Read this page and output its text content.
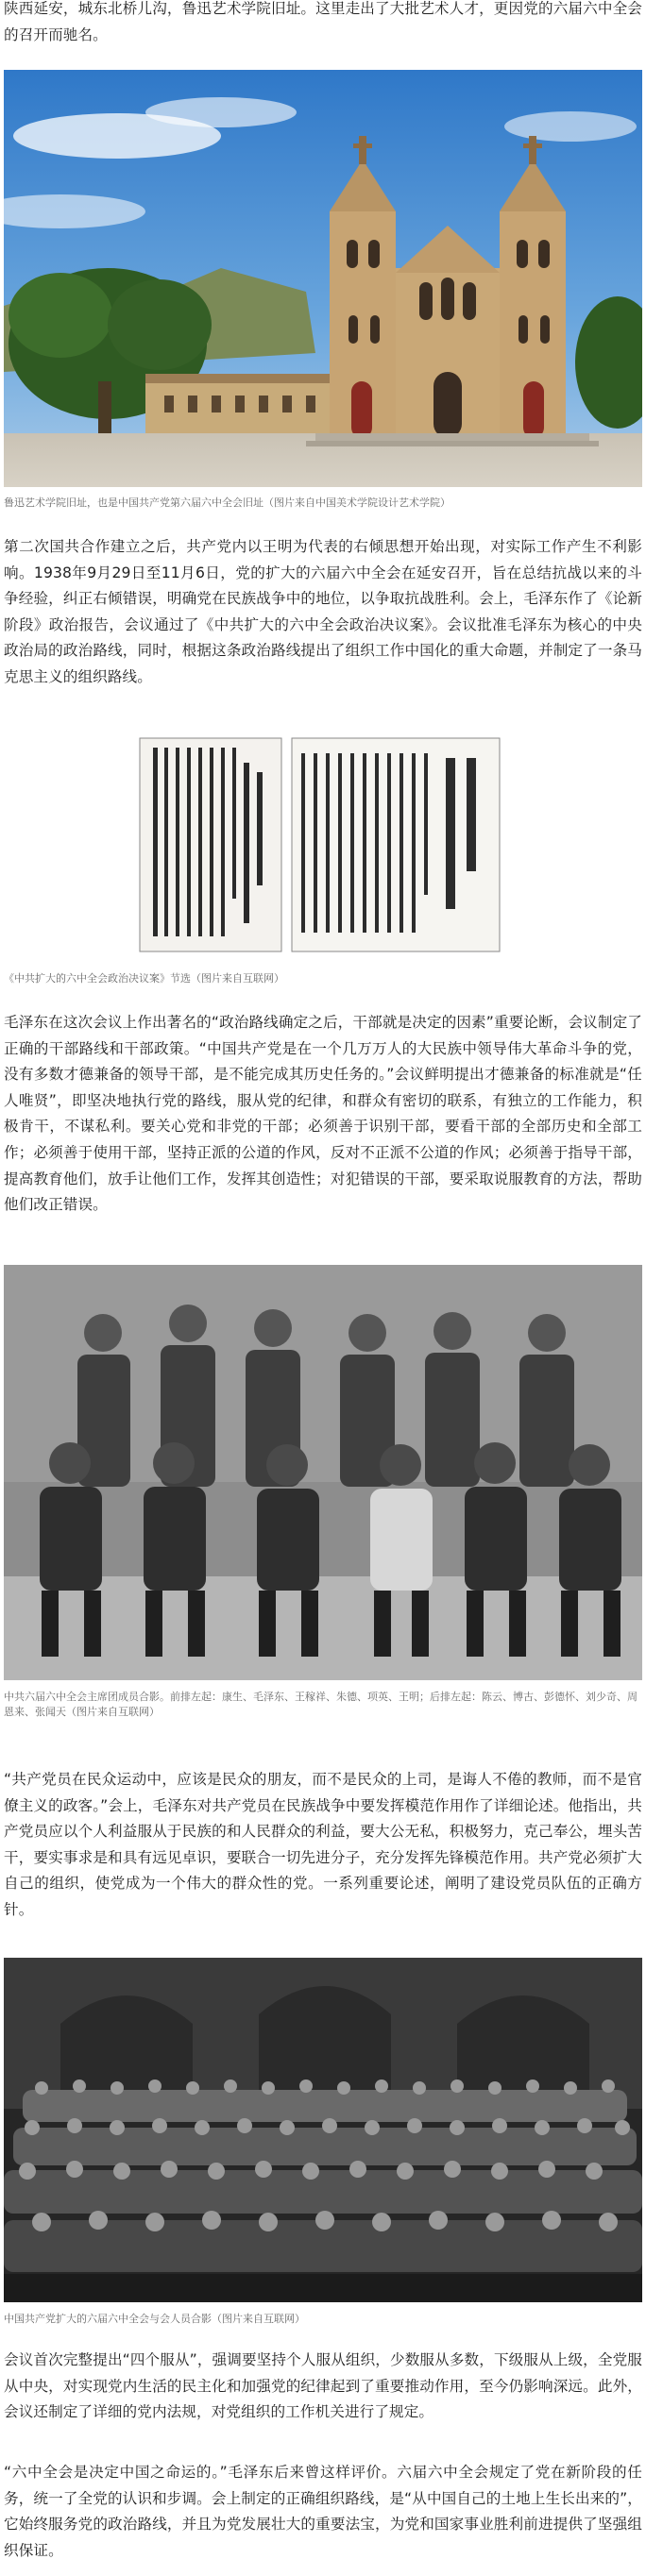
陕西延安，城东北桥儿沟，鲁迅艺术学院旧址。这里走出了大批艺术人才，更因党的六届六中全会的召开而驰名。

鲁迅艺术学院旧址，也是中国共产党第六届六中全会旧址（图片来自中国美术学院设计艺术学院）

第二次国共合作建立之后，共产党内以王明为代表的右倾思想开始出现，对实际工作产生不利影响。1938年9月29日至11月6日，党的扩大的六届六中全会在延安召开，旨在总结抗战以来的斗争经验，纠正右倾错误，明确党在民族战争中的地位，以争取抗战胜利。会上，毛泽东作了《论新阶段》政治报告，会议通过了《中共扩大的六中全会政治决议案》。会议批准毛泽东为核心的中央政治局的政治路线，同时，根据这条政治路线提出了组织工作中国化的重大命题，并制定了一条马克思主义的组织路线。

《中共扩大的六中全会政治决议案》节选（图片来自互联网）

毛泽东在这次会议上作出著名的“政治路线确定之后，干部就是决定的因素”重要论断，会议制定了正确的干部路线和干部政策。“中国共产党是在一个几万万人的大民族中领导伟大革命斗争的党，没有多数才德兼备的领导干部，是不能完成其历史任务的。”会议鲜明提出才德兼备的标准就是“任人唯贤”，即坚决地执行党的路线，服从党的纪律，和群众有密切的联系，有独立的工作能力，积极肯干，不谋私利。要关心党和非党的干部；必须善于识别干部，要看干部的全部历史和全部工作；必须善于使用干部，坚持正派的公道的作风，反对不正派不公道的作风；必须善于指导干部，提高教育他们，放手让他们工作，发挥其创造性；对犯错误的干部，要采取说服教育的方法，帮助他们改正错误。

中共六届六中全会主席团成员合影。前排左起：康生、毛泽东、王稼祥、朱德、项英、王明；后排左起：陈云、博古、彭德怀、刘少奇、周恩来、张闻天（图片来自互联网）

“共产党员在民众运动中，应该是民众的朋友，而不是民众的上司，是诲人不倦的教师，而不是官僚主义的政客。”会上，毛泽东对共产党员在民族战争中要发挥模范作用作了详细论述。他指出，共产党员应以个人利益服从于民族的和人民群众的利益，要大公无私，积极努力，克己奉公，埋头苦干，要实事求是和具有远见卓识，要联合一切先进分子，充分发挥先锋模范作用。共产党必须扩大自己的组织，使党成为一个伟大的群众性的党。一系列重要论述，阐明了建设党员队伍的正确方针。

中国共产党扩大的六届六中全会与会人员合影（图片来自互联网）

会议首次完整提出“四个服从”，强调要坚持个人服从组织，少数服从多数，下级服从上级，全党服从中央，对实现党内生活的民主化和加强党的纪律起到了重要推动作用，至今仍影响深远。此外，会议还制定了详细的党内法规，对党组织的工作机关进行了规定。

“六中全会是决定中国之命运的。”毛泽东后来曾这样评价。六届六中全会规定了党在新阶段的任务，统一了全党的认识和步调。会上制定的正确组织路线，是“从中国自己的土地上生长出来的”，它始终服务党的政治路线，并且为党发展壮大的重要法宝，为党和国家事业胜利前进提供了坚强组织保证。
